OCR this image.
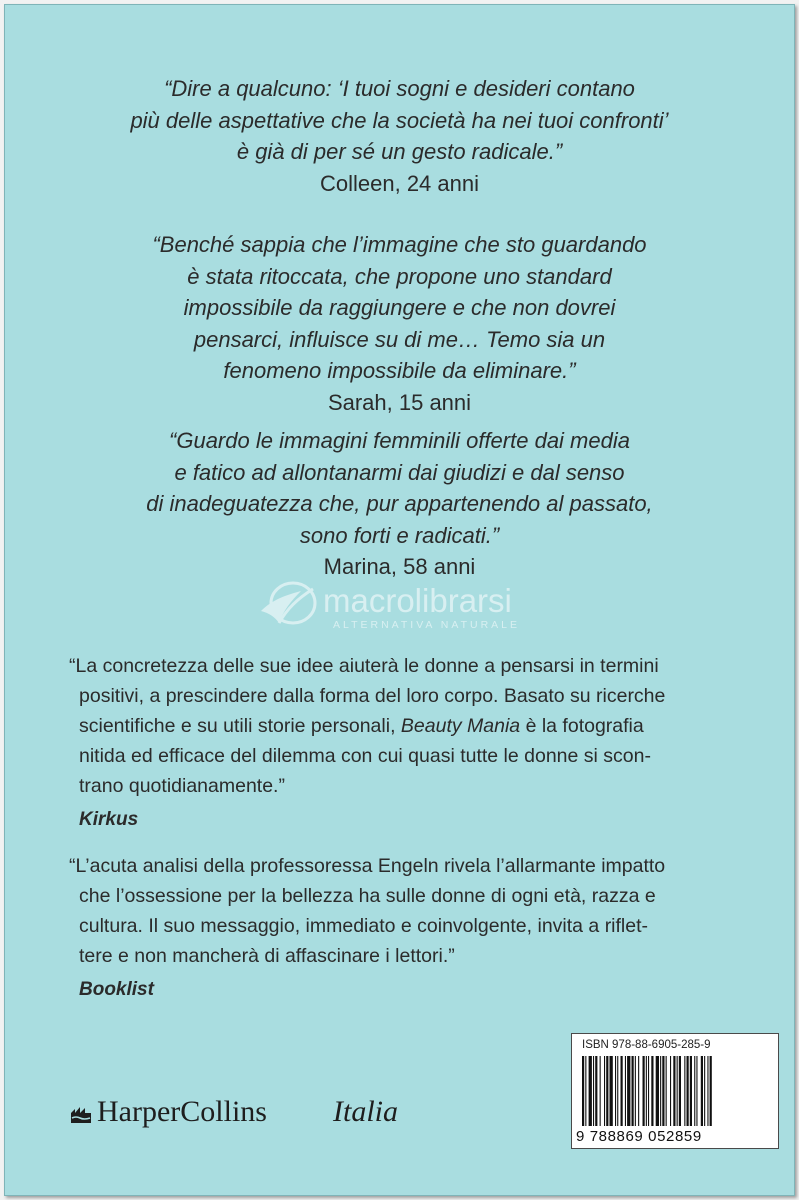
“Dire a qualcuno: ‘I tuoi sogni e desideri contano
più delle aspettative che la società ha nei tuoi confronti’
è già di per sé un gesto radicale.”

Colleen, 24 anni

“Benché sappia che l’immagine che sto guardando
è stata ritoccata, che propone uno standard
impossibile da raggiungere e che non dovrei
pensarci, influisce su di me… Temo sia un
fenomeno impossibile da eliminare.”

Sarah, 15 anni

“Guardo le immagini femminili offerte dai media
e fatico ad allontanarmi dai giudizi e dal senso
di inadeguatezza che, pur appartenendo al passato,
sono forti e radicati.”

Marina, 58 anni

macrolibrarsi
ALTERNATIVA NATURALE

“La concretezza delle sue idee aiuterà le donne a pensarsi in termini
positivi, a prescindere dalla forma del loro corpo. Basato su ricerche
scientifiche e su utili storie personali, Beauty Mania è la fotografia
nitida ed efficace del dilemma con cui quasi tutte le donne si scon-
trano quotidianamente.”

Kirkus

“L’acuta analisi della professoressa Engeln rivela l’allarmante impatto
che l’ossessione per la bellezza ha sulle donne di ogni età, razza e
cultura. Il suo messaggio, immediato e coinvolgente, invita a riflet-
tere e non mancherà di affascinare i lettori.”

Booklist

HarperCollins Italia
ISBN 978-88-6905-285-9
9 788869 052859
